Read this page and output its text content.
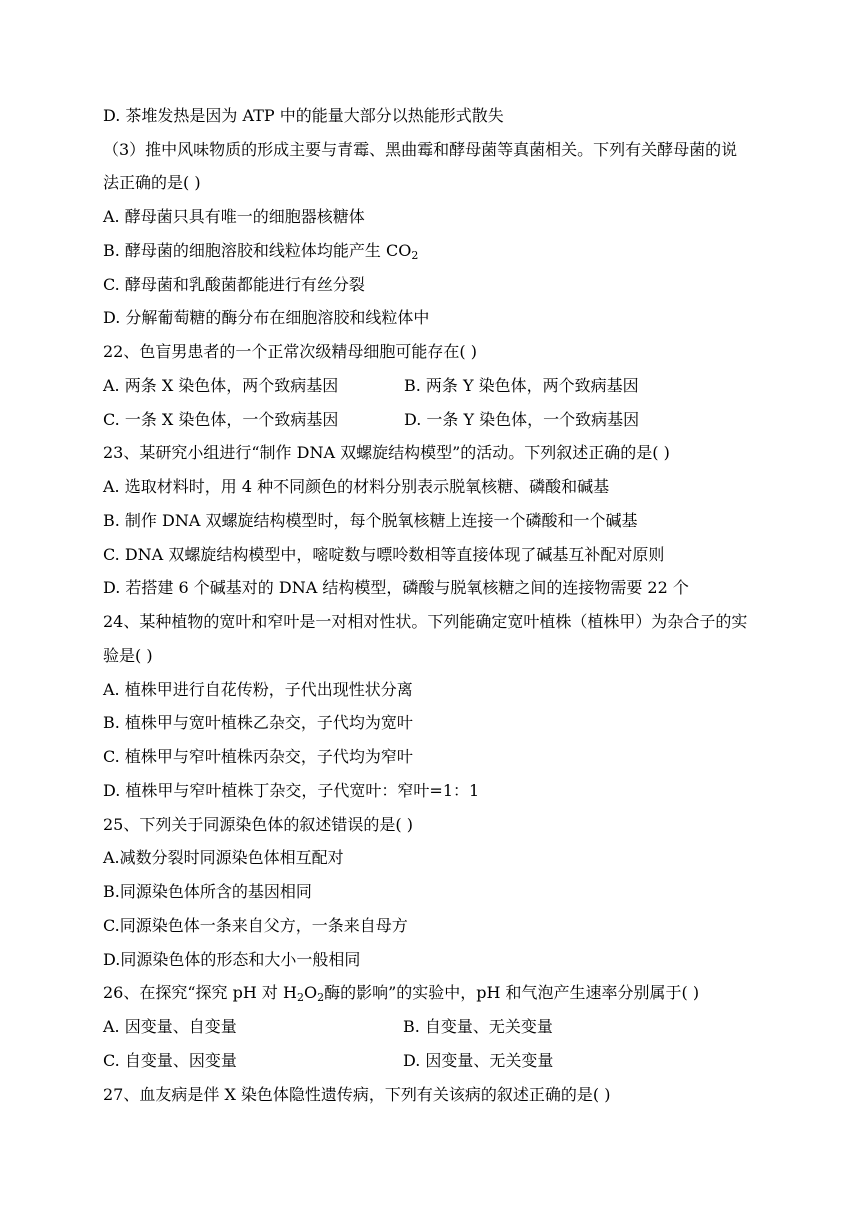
D. 茶堆发热是因为 ATP 中的能量大部分以热能形式散失
（3）推中风味物质的形成主要与青霉、黑曲霉和酵母菌等真菌相关。下列有关酵母菌的说
法正确的是( )
A. 酵母菌只具有唯一的细胞器核糖体
B. 酵母菌的细胞溶胶和线粒体均能产生 $CO_2$
C. 酵母菌和乳酸菌都能进行有丝分裂
D. 分解葡萄糖的酶分布在细胞溶胶和线粒体中
22、色盲男患者的一个正常次级精母细胞可能存在( )
A. 两条 X 染色体，两个致病基因	B. 两条 Y 染色体，两个致病基因
C. 一条 X 染色体，一个致病基因	D. 一条 Y 染色体，一个致病基因
23、某研究小组进行“制作 DNA 双螺旋结构模型”的活动。下列叙述正确的是( )
A. 选取材料时，用 4 种不同颜色的材料分别表示脱氧核糖、磷酸和碱基
B. 制作 DNA 双螺旋结构模型时，每个脱氧核糖上连接一个磷酸和一个碱基
C. DNA 双螺旋结构模型中，嘧啶数与嘌呤数相等直接体现了碱基互补配对原则
D. 若搭建 6 个碱基对的 DNA 结构模型，磷酸与脱氧核糖之间的连接物需要 22 个
24、某种植物的宽叶和窄叶是一对相对性状。下列能确定宽叶植株（植株甲）为杂合子的实
验是( )
A. 植株甲进行自花传粉，子代出现性状分离
B. 植株甲与宽叶植株乙杂交，子代均为宽叶
C. 植株甲与窄叶植株丙杂交，子代均为窄叶
D. 植株甲与窄叶植株丁杂交，子代宽叶：窄叶=1：1
25、下列关于同源染色体的叙述错误的是( )
A.减数分裂时同源染色体相互配对
B.同源染色体所含的基因相同
C.同源染色体一条来自父方，一条来自母方
D.同源染色体的形态和大小一般相同
26、在探究“探究 pH 对 $H_2O_2$酶的影响”的实验中，pH 和气泡产生速率分别属于( )
A. 因变量、自变量	B. 自变量、无关变量
C. 自变量、因变量	D. 因变量、无关变量
27、血友病是伴 X 染色体隐性遗传病，下列有关该病的叙述正确的是( )
